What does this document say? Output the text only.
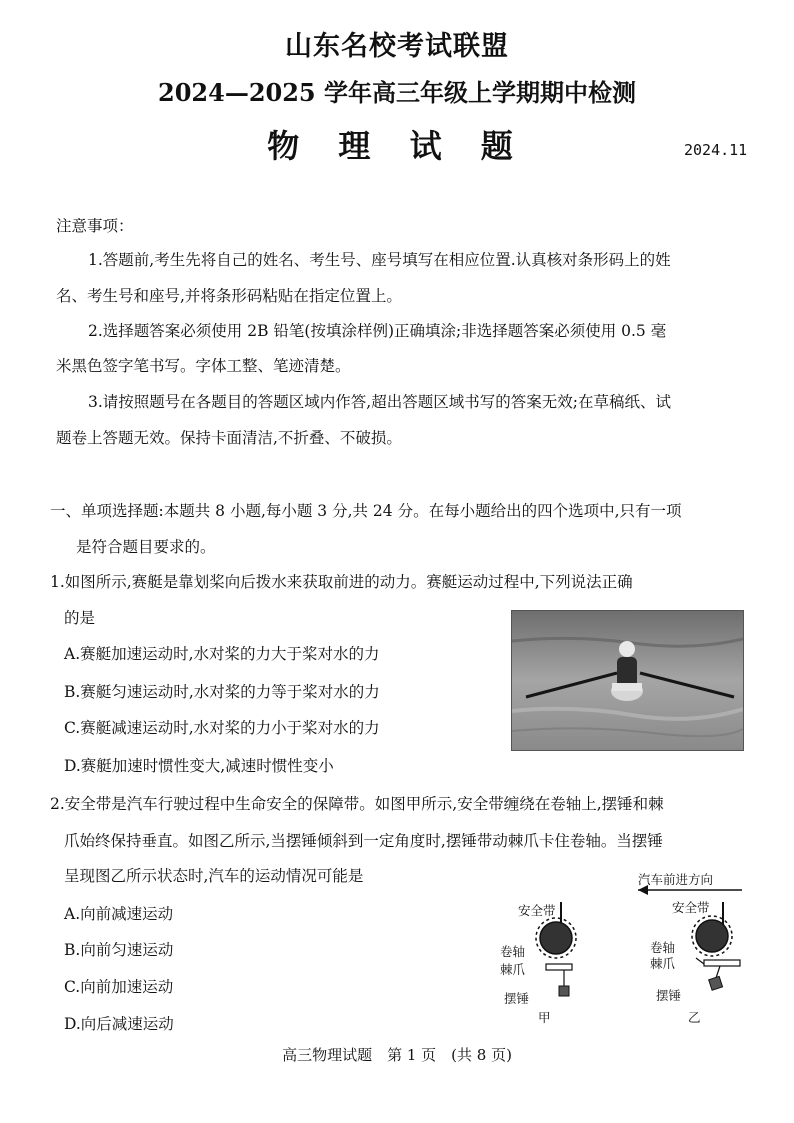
山东名校考试联盟
2024—2025 学年高三年级上学期期中检测
物 理 试 题	2024.11
注意事项：
1.答题前,考生先将自己的姓名、考生号、座号填写在相应位置.认真核对条形码上的姓
名、考生号和座号,并将条形码粘贴在指定位置上。
2.选择题答案必须使用 2B 铅笔(按填涂样例)正确填涂;非选择题答案必须使用 0.5 毫
米黑色签字笔书写。字体工整、笔迹清楚。
3.请按照题号在各题目的答题区域内作答,超出答题区域书写的答案无效;在草稿纸、试
题卷上答题无效。保持卡面清洁,不折叠、不破损。
一、单项选择题:本题共 8 小题,每小题 3 分,共 24 分。在每小题给出的四个选项中,只有一项
是符合题目要求的。
1.如图所示,赛艇是靠划桨向后拨水来获取前进的动力。赛艇运动过程中,下列说法正确
的是
A.赛艇加速运动时,水对桨的力大于桨对水的力
B.赛艇匀速运动时,水对桨的力等于桨对水的力
C.赛艇减速运动时,水对桨的力小于桨对水的力
D.赛艇加速时惯性变大,减速时惯性变小
2.安全带是汽车行驶过程中生命安全的保障带。如图甲所示,安全带缠绕在卷轴上,摆锤和棘
爪始终保持垂直。如图乙所示,当摆锤倾斜到一定角度时,摆锤带动棘爪卡住卷轴。当摆锤
呈现图乙所示状态时,汽车的运动情况可能是
A.向前减速运动
B.向前匀速运动
C.向前加速运动
D.向后减速运动
汽车前进方向
安全带
卷轴
棘爪
摆锤
甲
安全带
卷轴
棘爪
摆锤
乙
高三物理试题　第 1 页　(共 8 页)
